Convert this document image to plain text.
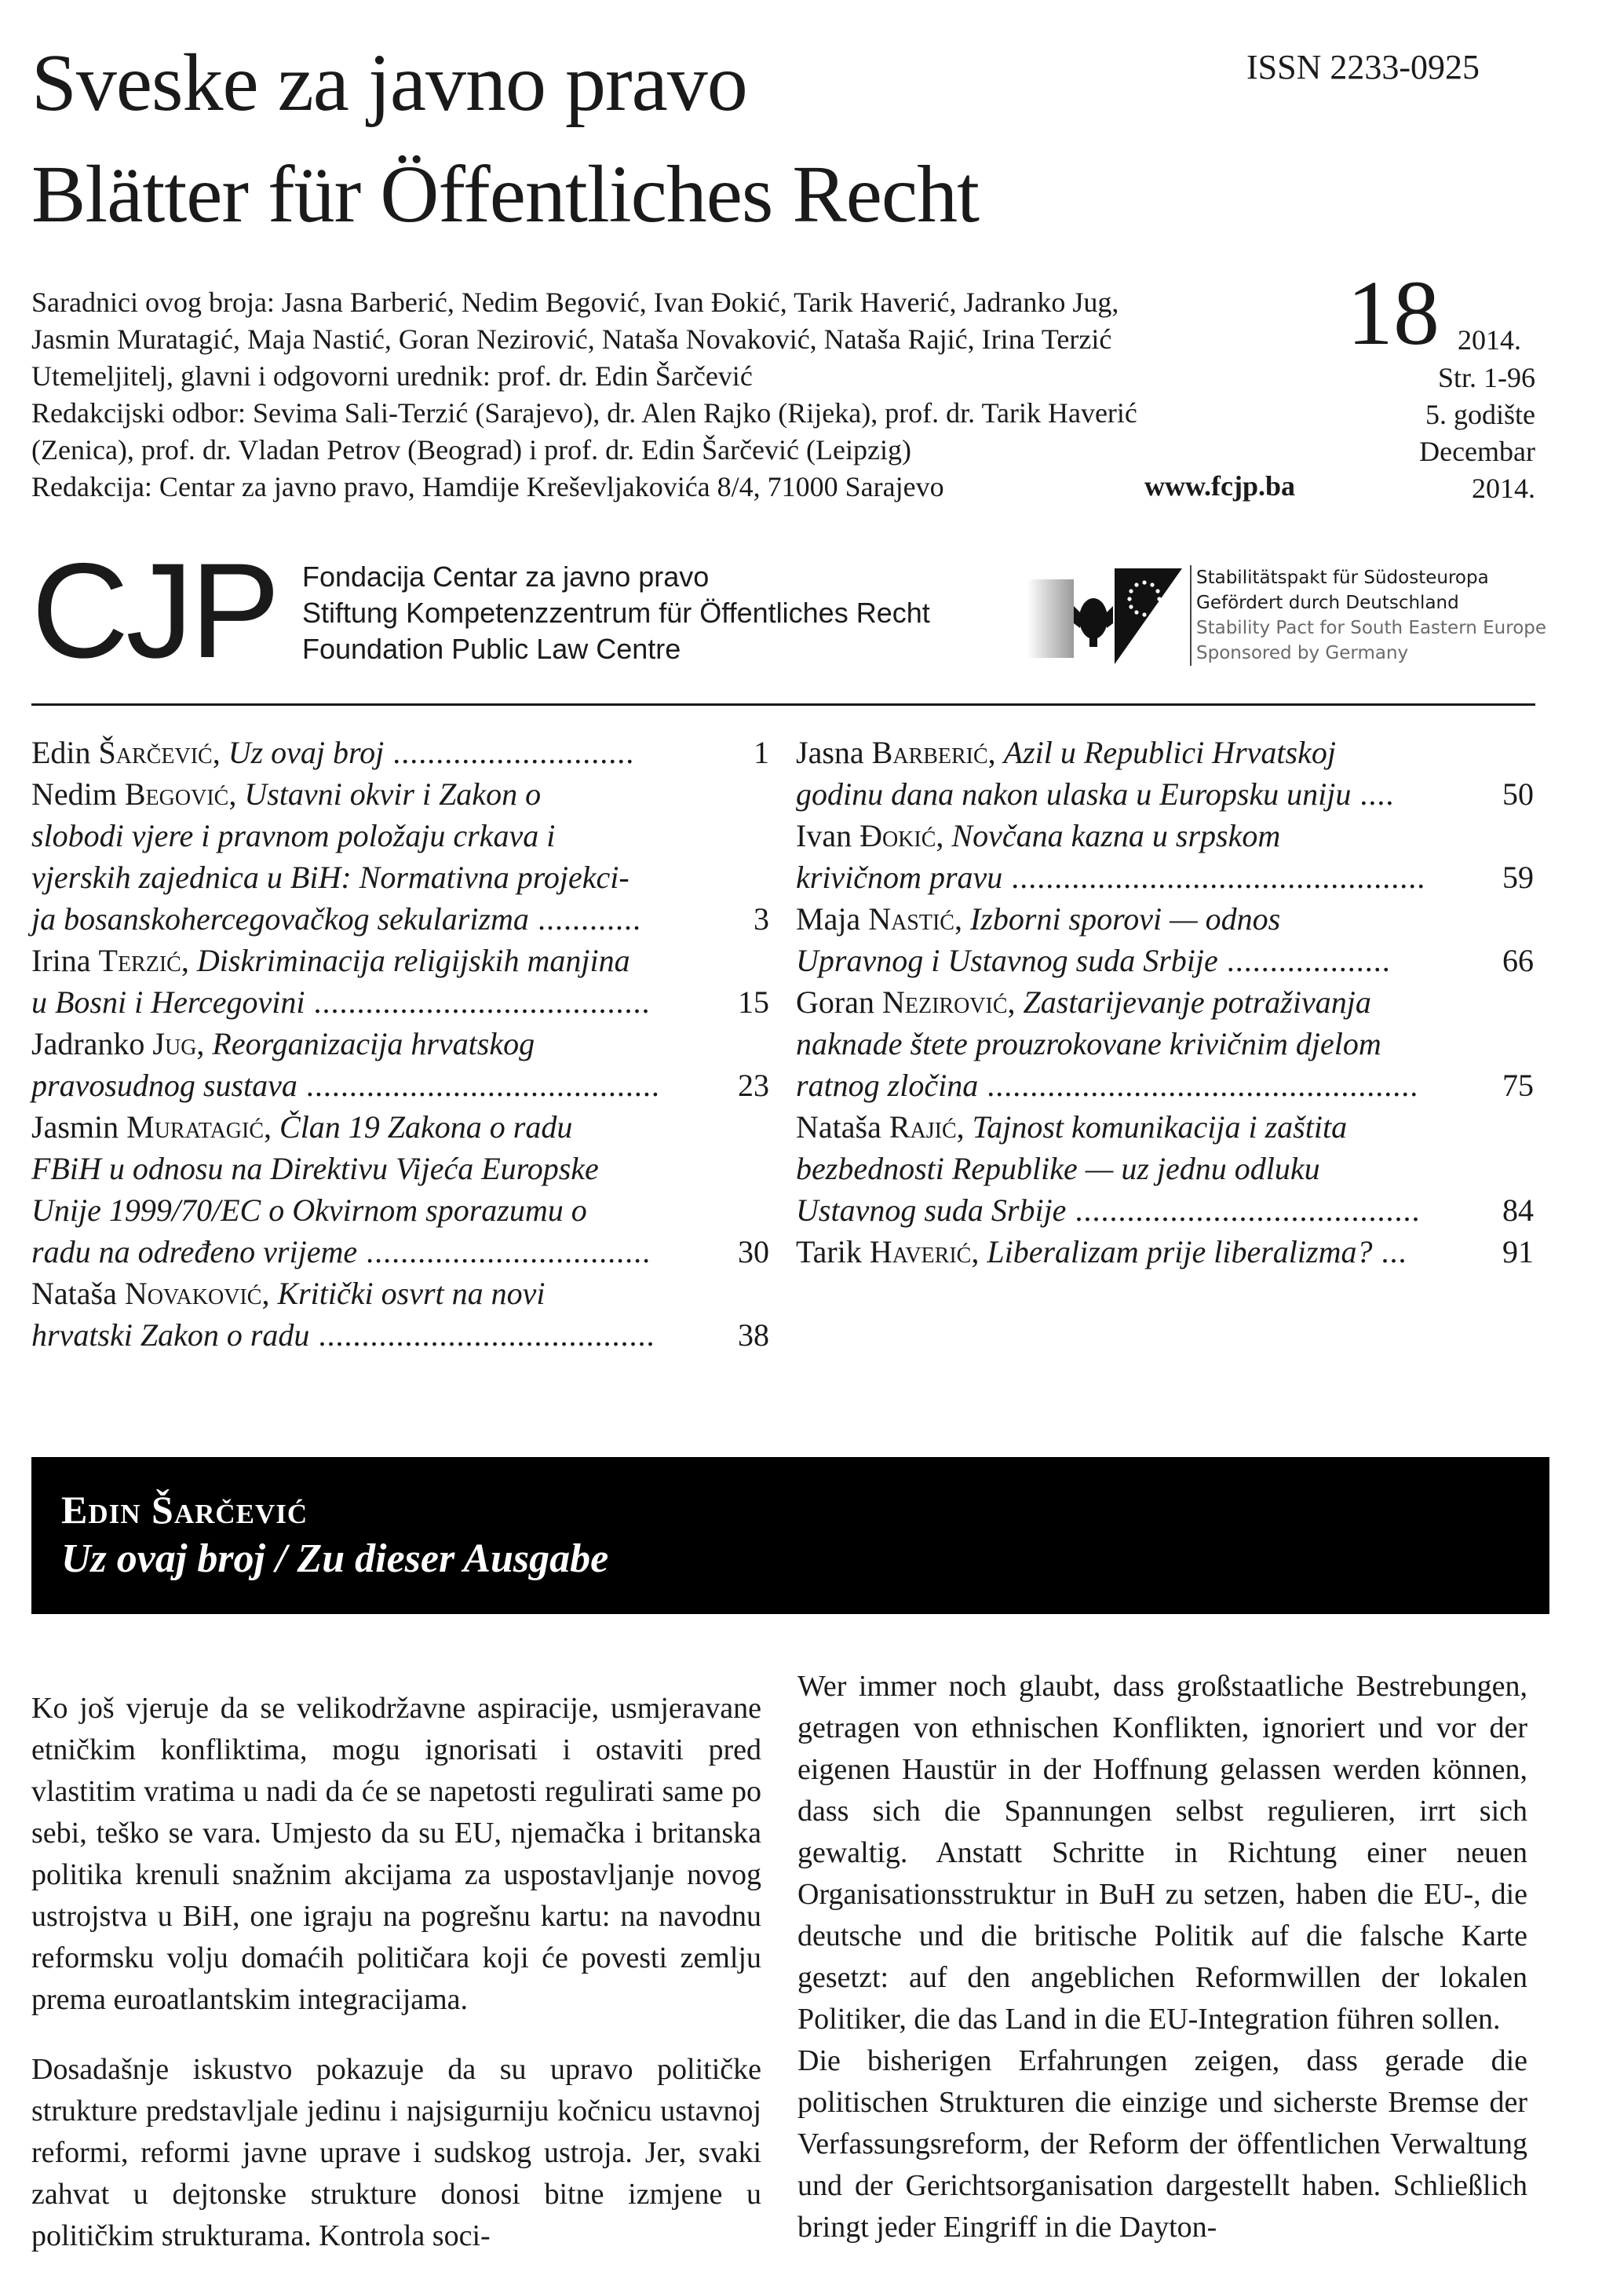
Sveske za javno pravo
Blätter für Öffentliches Recht
ISSN 2233-0925
Saradnici ovog broja: Jasna Barberić, Nedim Begović, Ivan Đokić, Tarik Haverić, Jadranko Jug,
Jasmin Muratagić, Maja Nastić, Goran Nezirović, Nataša Novaković, Nataša Rajić, Irina Terzić
Utemeljitelj, glavni i odgovorni urednik: prof. dr. Edin Šarčević
Redakcijski odbor: Sevima Sali-Terzić (Sarajevo), dr. Alen Rajko (Rijeka), prof. dr. Tarik Haverić
(Zenica), prof. dr. Vladan Petrov (Beograd) i prof. dr. Edin Šarčević (Leipzig)
Redakcija: Centar za javno pravo, Hamdije Kreševljakovića 8/4, 71000 Sarajevo	www.fcjp.ba
18 2014.
Str. 1-96
5. godište
Decembar
2014.
CJP Fondacija Centar za javno pravo
Stiftung Kompetenzzentrum für Öffentliches Recht
Foundation Public Law Centre
Stabilitätspakt für Südosteuropa
Gefördert durch Deutschland
Stability Pact for South Eastern Europe
Sponsored by Germany
Edin Šarčević, Uz ovaj broj ............................	1
Nedim Begović, Ustavni okvir i Zakon o
slobodi vjere i pravnom položaju crkava i
vjerskih zajednica u BiH: Normativna projekci-
ja bosanskohercegovačkog sekularizma ............	3
Irina Terzić, Diskriminacija religijskih manjina
u Bosni i Hercegovini .......................................	15
Jadranko Jug, Reorganizacija hrvatskog
pravosudnog sustava .........................................	23
Jasmin Muratagić, Član 19 Zakona o radu
FBiH u odnosu na Direktivu Vijeća Europske
Unije 1999/70/EC o Okvirnom sporazumu o
radu na određeno vrijeme .................................	30
Nataša Novaković, Kritički osvrt na novi
hrvatski Zakon o radu .......................................	38
Jasna Barberić, Azil u Republici Hrvatskoj
godinu dana nakon ulaska u Europsku uniju ....	50
Ivan Đokić, Novčana kazna u srpskom
krivičnom pravu ................................................	59
Maja Nastić, Izborni sporovi — odnos
Upravnog i Ustavnog suda Srbije ...................	66
Goran Nezirović, Zastarijevanje potraživanja
naknade štete prouzrokovane krivičnim djelom
ratnog zločina ..................................................	75
Nataša Rajić, Tajnost komunikacija i zaštita
bezbednosti Republike — uz jednu odluku
Ustavnog suda Srbije ........................................	84
Tarik Haverić, Liberalizam prije liberalizma? ...	91
Edin Šarčević
Uz ovaj broj / Zu dieser Ausgabe

Ko još vjeruje da se velikodržavne aspiracije, usmjeravane etničkim konfliktima, mogu ignorisati i ostaviti pred vlastitim vratima u nadi da će se napetosti regulirati same po sebi, teško se vara. Umjesto da su EU, njemačka i britanska politika krenuli snažnim akcijama za uspostavljanje novog ustrojstva u BiH, one igraju na pogrešnu kartu: na navodnu reformsku volju domaćih političara koji će povesti zemlju prema euroatlantskim integracijama.

Dosadašnje iskustvo pokazuje da su upravo političke strukture predstavljale jedinu i najsigurniju kočnicu ustavnoj reformi, reformi javne uprave i sudskog ustroja. Jer, svaki zahvat u dejtonske strukture donosi bitne izmjene u političkim strukturama. Kontrola soci-

Wer immer noch glaubt, dass großstaatliche Bestrebungen, getragen von ethnischen Konflikten, ignoriert und vor der eigenen Haustür in der Hoffnung gelassen werden können, dass sich die Spannungen selbst regulieren, irrt sich gewaltig. Anstatt Schritte in Richtung einer neuen Organisationsstruktur in BuH zu setzen, haben die EU-, die deutsche und die britische Politik auf die falsche Karte gesetzt: auf den angeblichen Reformwillen der lokalen Politiker, die das Land in die EU-Integration führen sollen.

Die bisherigen Erfahrungen zeigen, dass gerade die politischen Strukturen die einzige und sicherste Bremse der Verfassungsreform, der Reform der öffentlichen Verwaltung und der Gerichtsorganisation dargestellt haben. Schließlich bringt jeder Eingriff in die Dayton-
